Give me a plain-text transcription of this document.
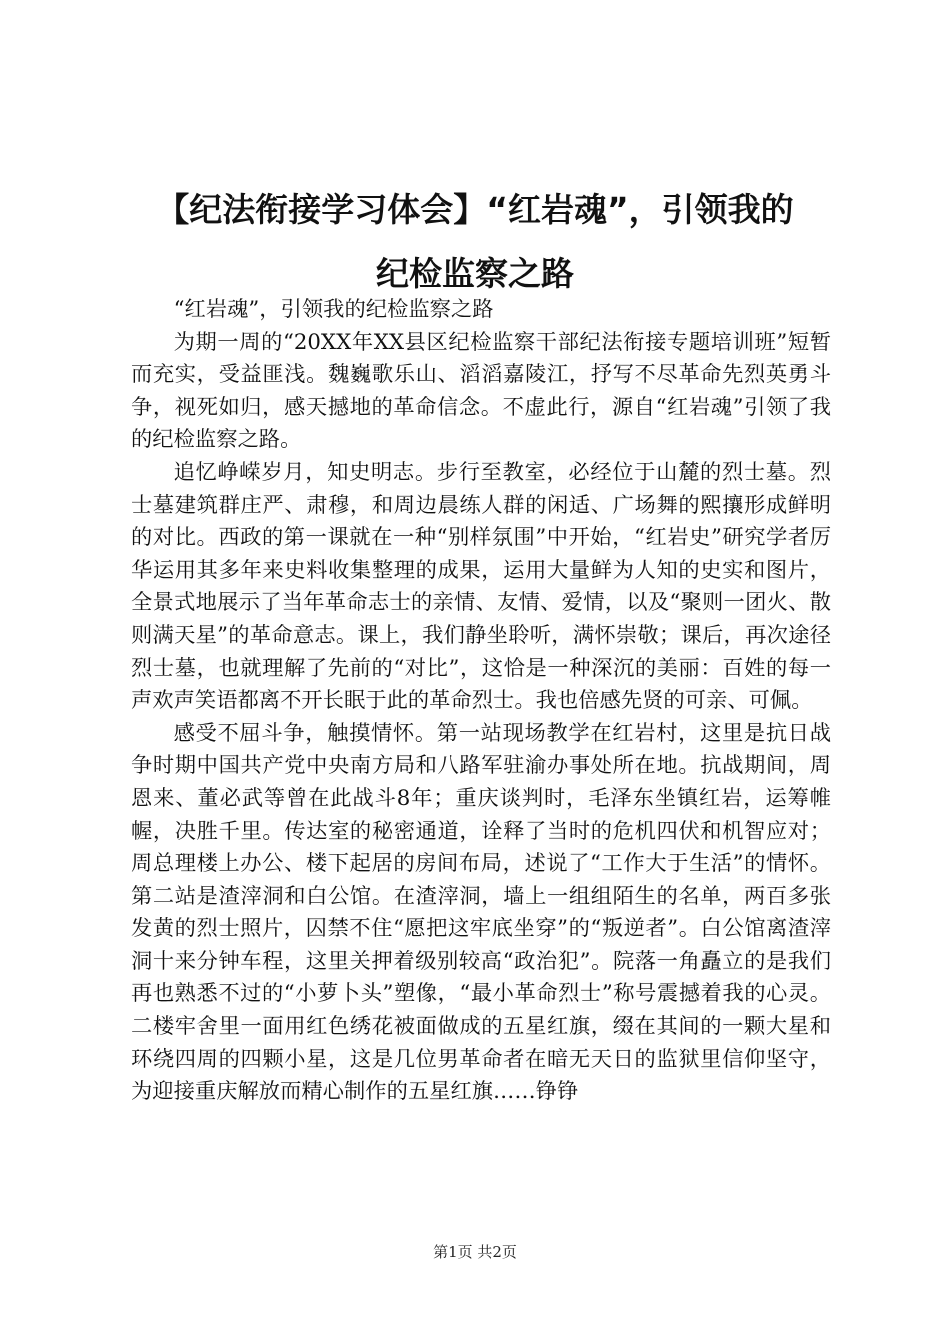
【纪法衔接学习体会】“红岩魂”，引领我的
纪检监察之路

“红岩魂”，引领我的纪检监察之路

为期一周的“20XX年XX县区纪检监察干部纪法衔接专题培训班”短暂而充实，受益匪浅。魏巍歌乐山、滔滔嘉陵江，抒写不尽革命先烈英勇斗争，视死如归，感天撼地的革命信念。不虚此行，源自“红岩魂”引领了我的纪检监察之路。

追忆峥嵘岁月，知史明志。步行至教室，必经位于山麓的烈士墓。烈士墓建筑群庄严、肃穆，和周边晨练人群的闲适、广场舞的熙攘形成鲜明的对比。西政的第一课就在一种“别样氛围”中开始，“红岩史”研究学者厉华运用其多年来史料收集整理的成果，运用大量鲜为人知的史实和图片，全景式地展示了当年革命志士的亲情、友情、爱情，以及“聚则一团火、散则满天星”的革命意志。课上，我们静坐聆听，满怀崇敬；课后，再次途径烈士墓，也就理解了先前的“对比”，这恰是一种深沉的美丽：百姓的每一声欢声笑语都离不开长眠于此的革命烈士。我也倍感先贤的可亲、可佩。

感受不屈斗争，触摸情怀。第一站现场教学在红岩村，这里是抗日战争时期中国共产党中央南方局和八路军驻渝办事处所在地。抗战期间，周恩来、董必武等曾在此战斗8年；重庆谈判时，毛泽东坐镇红岩，运筹帷幄，决胜千里。传达室的秘密通道，诠释了当时的危机四伏和机智应对；周总理楼上办公、楼下起居的房间布局，述说了“工作大于生活”的情怀。第二站是渣滓洞和白公馆。在渣滓洞，墙上一组组陌生的名单，两百多张发黄的烈士照片，囚禁不住“愿把这牢底坐穿”的“叛逆者”。白公馆离渣滓洞十来分钟车程，这里关押着级别较高“政治犯”。院落一角矗立的是我们再也熟悉不过的“小萝卜头”塑像，“最小革命烈士”称号震撼着我的心灵。二楼牢舍里一面用红色绣花被面做成的五星红旗，缀在其间的一颗大星和环绕四周的四颗小星，这是几位男革命者在暗无天日的监狱里信仰坚守，为迎接重庆解放而精心制作的五星红旗……铮铮

第1页 共2页
